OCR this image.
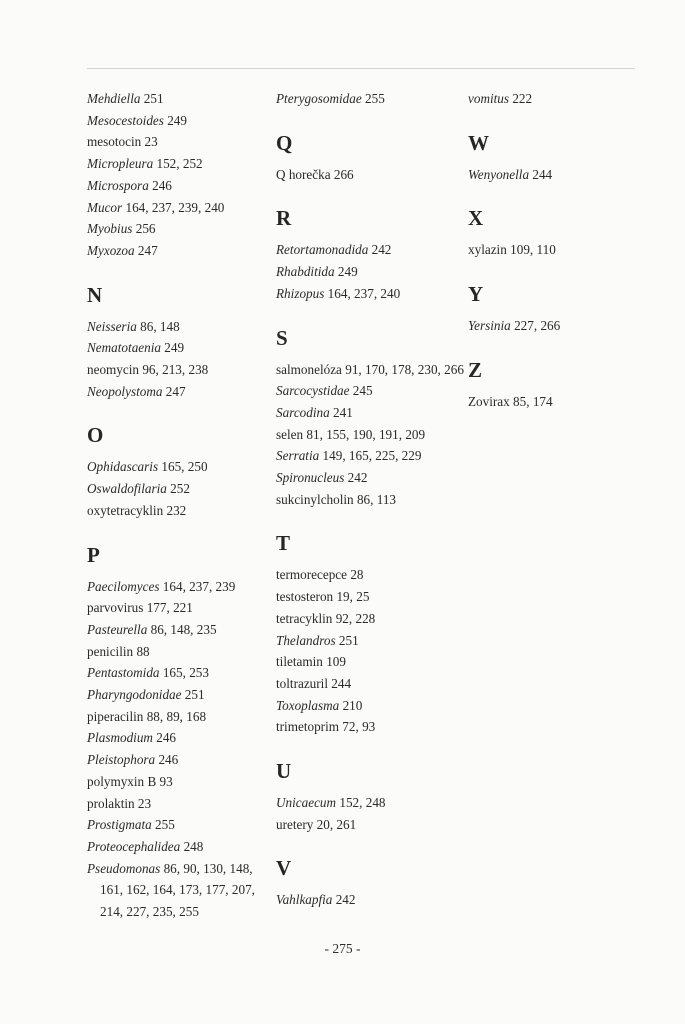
Mehdiella 251
Mesocestoides 249
mesotocin 23
Micropleura 152, 252
Microspora 246
Mucor 164, 237, 239, 240
Myobius 256
Myxozoa 247
N
Neisseria 86, 148
Nematotaenia 249
neomycin 96, 213, 238
Neopolystoma 247
O
Ophidascaris 165, 250
Oswaldofilaria 252
oxytetracyklin 232
P
Paecilomyces 164, 237, 239
parvovirus 177, 221
Pasteurella 86, 148, 235
penicilin 88
Pentastomida 165, 253
Pharyngodonidae 251
piperacilin 88, 89, 168
Plasmodium 246
Pleistophora 246
polymyxin B 93
prolaktin 23
Prostigmata 255
Proteocephalidea 248
Pseudomonas 86, 90, 130, 148, 161, 162, 164, 173, 177, 207, 214, 227, 235, 255
Pterygosomidae 255
Q
Q horečka 266
R
Retortamonadida 242
Rhabditida 249
Rhizopus 164, 237, 240
S
salmonelóza 91, 170, 178, 230, 266
Sarcocystidae 245
Sarcodina 241
selen 81, 155, 190, 191, 209
Serratia 149, 165, 225, 229
Spironucleus 242
sukcinylcholin 86, 113
T
termorecepce 28
testosteron 19, 25
tetracyklin 92, 228
Thelandros 251
tiletamin 109
toltrazuril 244
Toxoplasma 210
trimetoprim 72, 93
U
Unicaecum 152, 248
uretery 20, 261
V
Vahlkapfia 242
vomitus 222
W
Wenyonella 244
X
xylazin 109, 110
Y
Yersinia 227, 266
Z
Zovirax 85, 174
- 275 -
